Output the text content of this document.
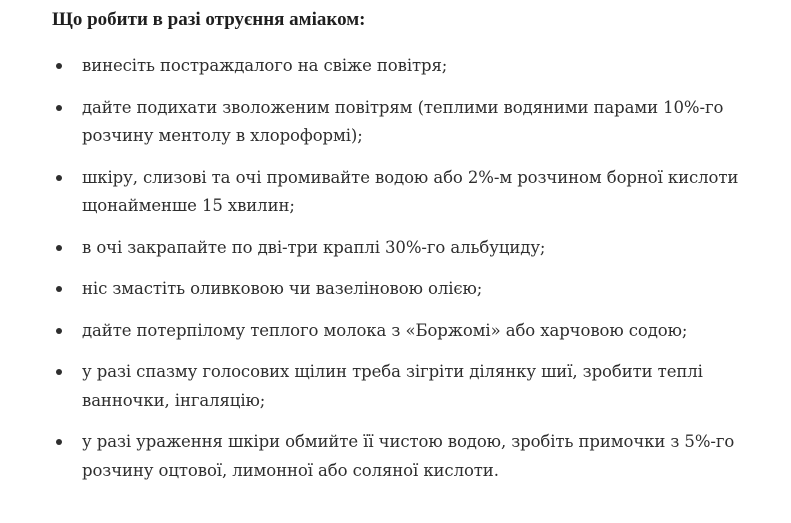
Що робити в разі отруєння аміаком:
винесіть постраждалого на свіже повітря;
дайте подихати зволоженим повітрям (теплими водяними парами 10%-го розчину ментолу в хлороформі);
шкіру, слизові та очі промивайте водою або 2%-м розчином борної кислоти щонайменше 15 хвилин;
в очі закрапайте по дві-три краплі 30%-го альбуциду;
ніс змастіть оливковою чи вазеліновою олією;
дайте потерпілому теплого молока з «Боржомі» або харчовою содою;
у разі спазму голосових щілин треба зігріти ділянку шиї, зробити теплі ванночки, інгаляцію;
у разі ураження шкіри обмийте її чистою водою, зробіть примочки з 5%-го розчину оцтової, лимонної або соляної кислоти.
